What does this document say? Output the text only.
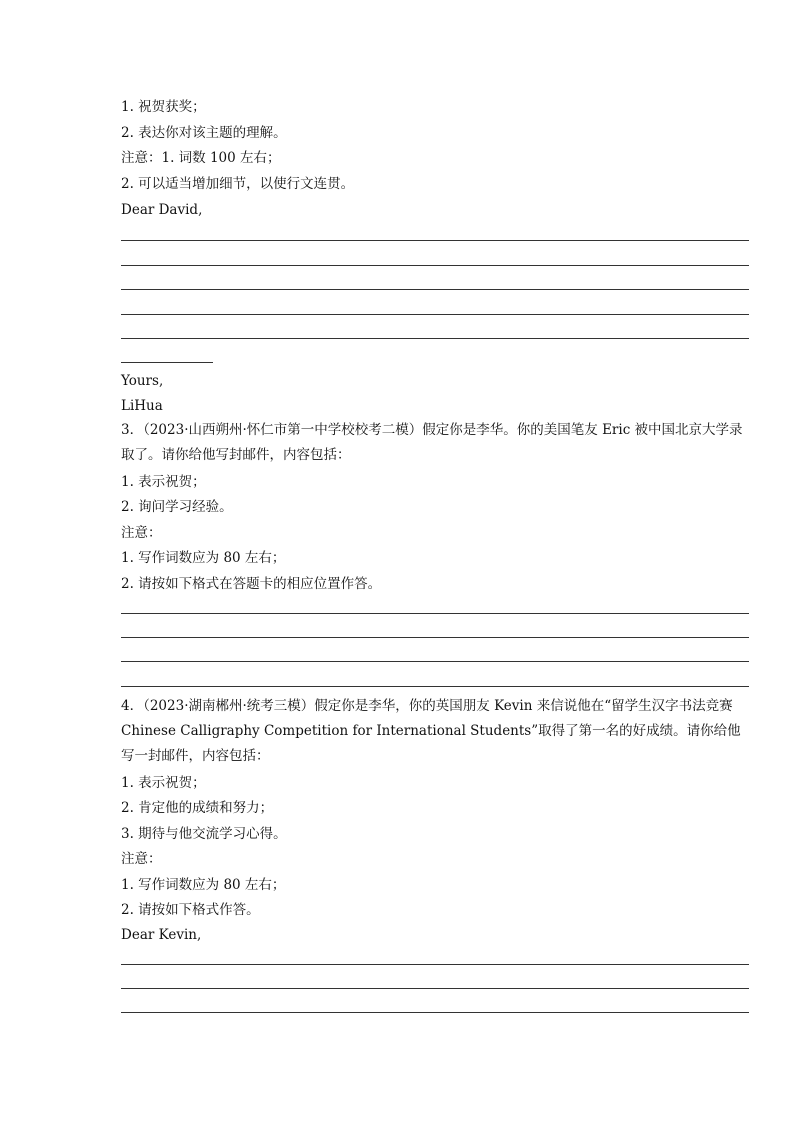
1. 祝贺获奖；
2. 表达你对该主题的理解。
注意：1. 词数 100 左右；
2. 可以适当增加细节，以使行文连贯。
Dear David,
Yours,
LiHua
3．（2023·山西朔州·怀仁市第一中学校校考二模）假定你是李华。你的美国笔友 Eric 被中国北京大学录取了。请你给他写封邮件，内容包括：
1. 表示祝贺；
2. 询问学习经验。
注意：
1. 写作词数应为 80 左右；
2. 请按如下格式在答题卡的相应位置作答。
4．（2023·湖南郴州·统考三模）假定你是李华，你的英国朋友 Kevin 来信说他在“留学生汉字书法竞赛 Chinese Calligraphy Competition for International Students”取得了第一名的好成绩。请你给他写一封邮件，内容包括：
1. 表示祝贺；
2. 肯定他的成绩和努力；
3. 期待与他交流学习心得。
注意：
1. 写作词数应为 80 左右；
2. 请按如下格式作答。
Dear Kevin,
